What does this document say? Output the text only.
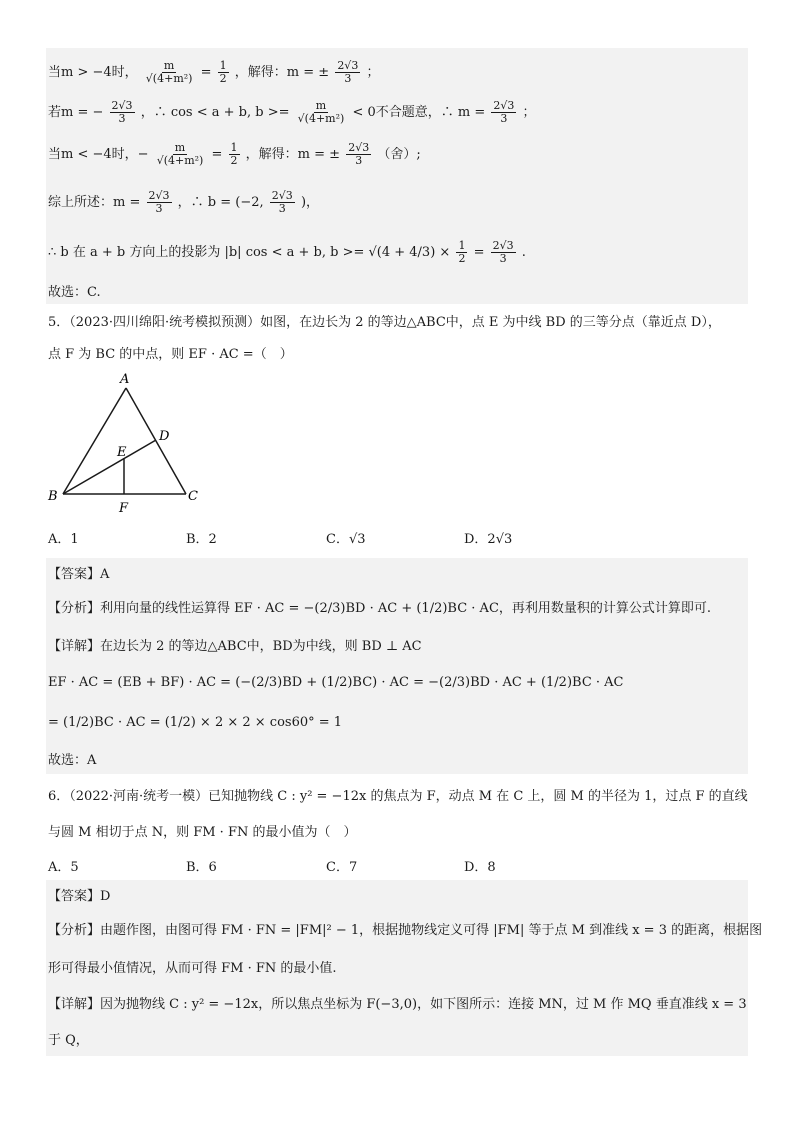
当m > −4时， $\frac{m}{\text{√(4+m²)}} = \frac{1}{2}$ ，解得：m = ± $\frac{2√3}{3}$ ；
若m = − $\frac{2√3}{3}$ ，∴ cos < a + b, $b >= \frac{m}{\text{√(4+m²)}} < 0$不合题意，∴ $m = \frac{2√3}{3}$ ；
当m < −4时，− $\frac{m}{\text{√(4+m²)}} = \frac{1}{2}$ ，解得：m = ± $\frac{2√3}{3}$ （舍）;
综上所述：$m = \frac{2√3}{3}$ ，∴ b = (−2, $\frac{2√3}{3}$ )，
∴ b 在 a + b 方向上的投影为 |b| cos < a + b, $b >= √(4 + 4/3) \times \frac{1}{2} = \frac{2√3}{3}$ .
故选：C.
5．（2023·四川绵阳·统考模拟预测）如图，在边长为 2 的等边△ABC中，点 E 为中线 BD 的三等分点（靠近点 D），
点 F 为 BC 的中点，则 EF · AC =（　）
A
B	C
D
E
F
A．1	B．2	C．√3	D．2√3
【答案】A
【分析】利用向量的线性运算得 EF · AC = −(2/3)BD · AC + (1/2)BC · AC，再利用数量积的计算公式计算即可.
【详解】在边长为 2 的等边△ABC中，BD为中线，则 BD ⊥ AC
EF · AC = (EB + BF) · AC = (−(2/3)BD + (1/2)BC) · AC = −(2/3)BD · AC + (1/2)BC · AC
= (1/2)BC · AC = (1/2) × 2 × 2 × cos60° = 1
故选：A
6．（2022·河南·统考一模）已知抛物线 C : y² = −12x 的焦点为 F，动点 M 在 C 上，圆 M 的半径为 1，过点 F 的直线
与圆 M 相切于点 N，则 FM · FN 的最小值为（　）
A．5	B．6	C．7	D．8
【答案】D
【分析】由题作图，由图可得 FM · FN = |FM|² − 1，根据抛物线定义可得 |FM| 等于点 M 到准线 x = 3 的距离，根据图
形可得最小值情况，从而可得 FM · FN 的最小值.
【详解】因为抛物线 C : y² = −12x，所以焦点坐标为 F(−3,0)，如下图所示：连接 MN，过 M 作 MQ 垂直准线 x = 3
于 Q，
